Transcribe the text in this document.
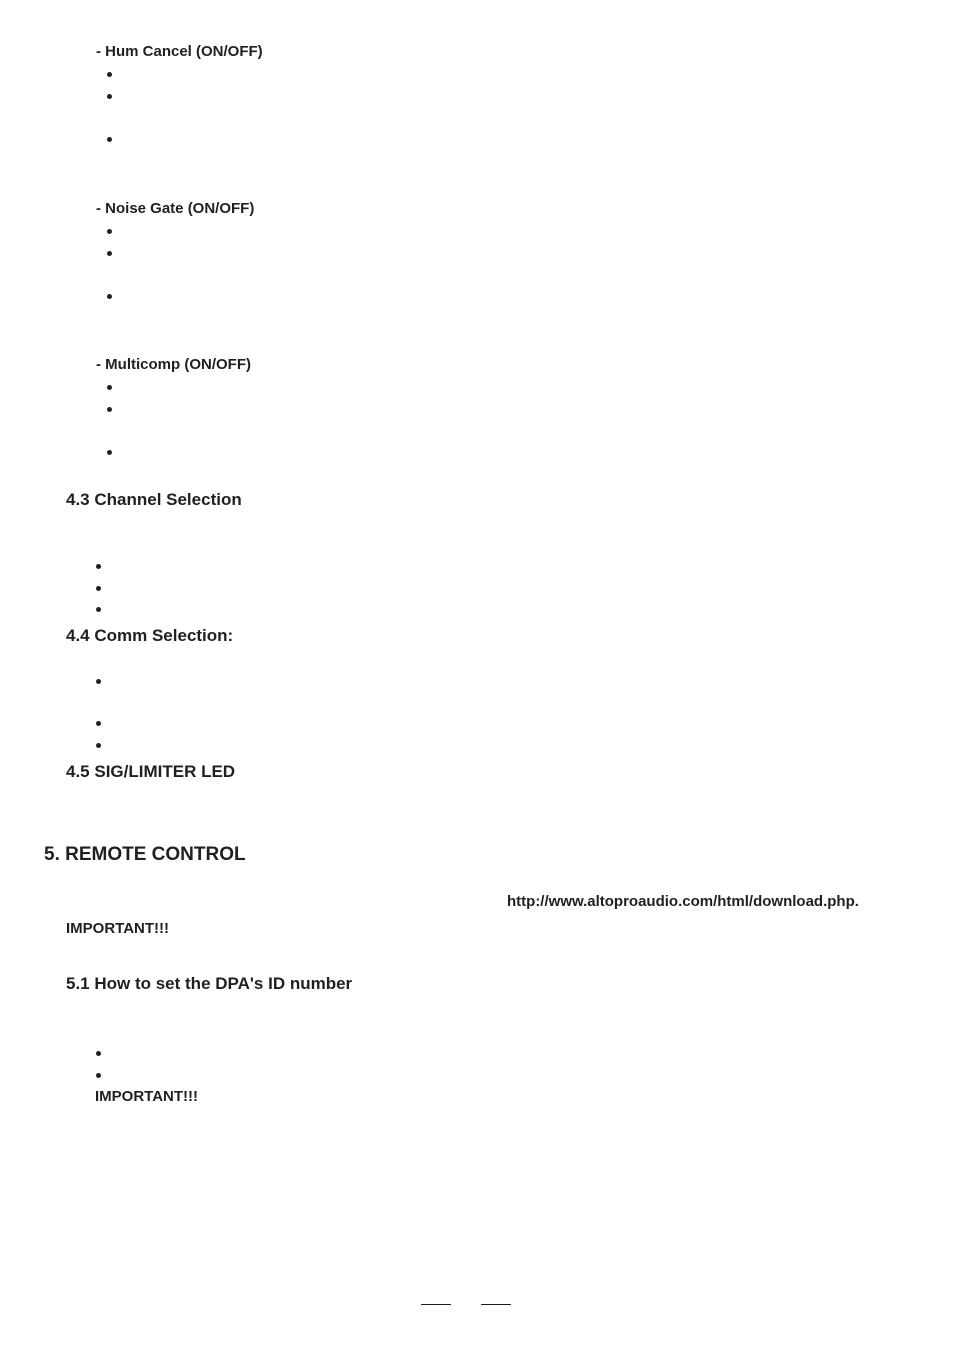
- Hum Cancel (ON/OFF)
- Noise Gate (ON/OFF)
- Multicomp (ON/OFF)
4.3 Channel Selection
4.4 Comm Selection:
4.5 SIG/LIMITER LED
5. REMOTE CONTROL
http://www.altoproaudio.com/html/download.php.
IMPORTANT!!!
5.1 How to set the DPA's ID number
IMPORTANT!!!
